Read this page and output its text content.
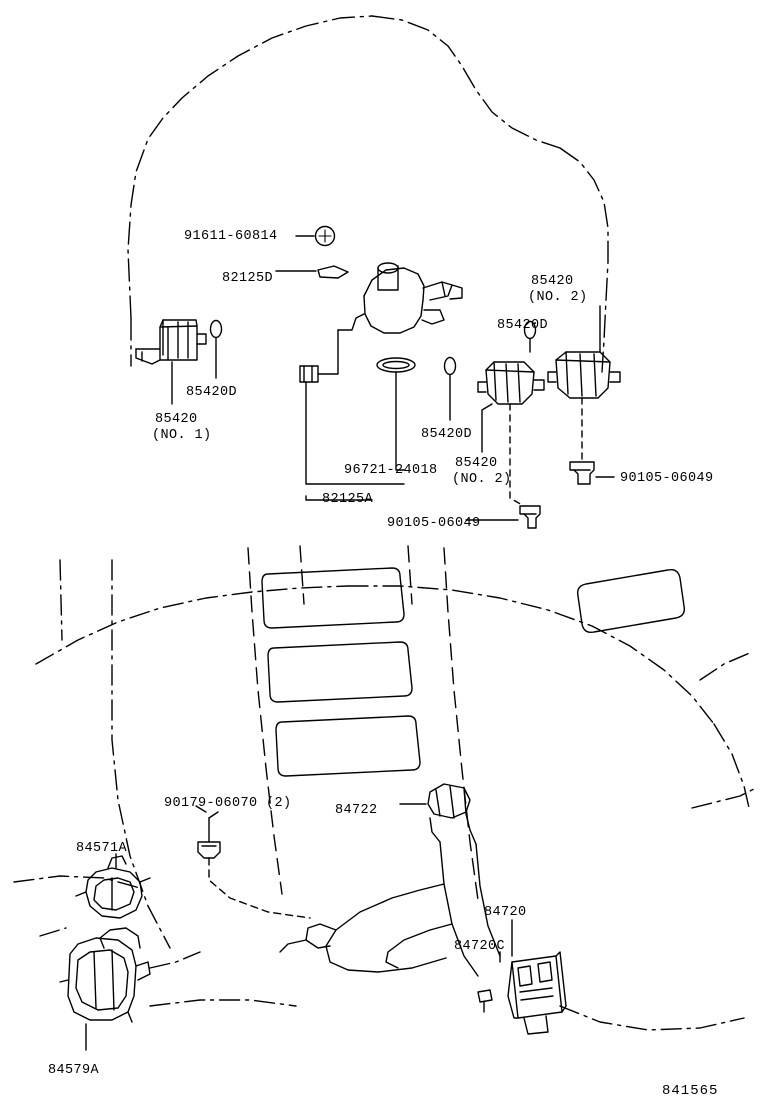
91611-60814
82125D
85420D
85420
(NO. 1)
96721-24018
82125A
85420D
85420
(NO. 2)
90105-06049
85420
(NO. 2)
85420D
90105-06049
90179-06070 (2)	84722
84571A
84579A
84720
84720C
841565
